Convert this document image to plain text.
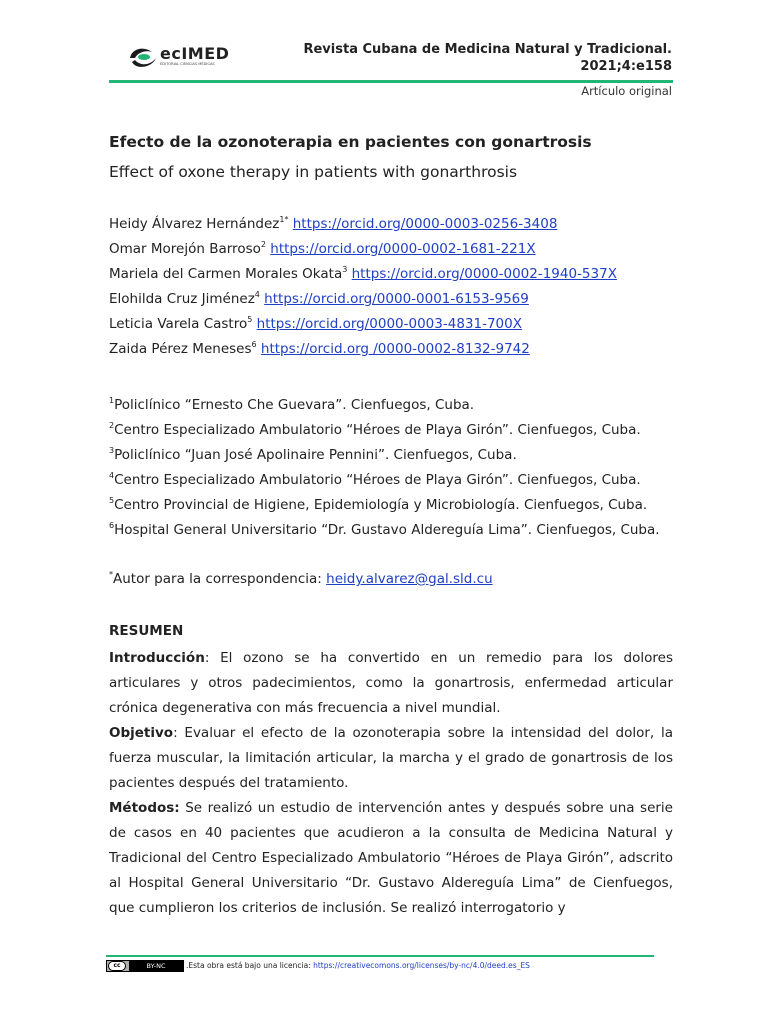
ecIMED
EDITORIAL CIENCIAS MÉDICAS
Revista Cubana de Medicina Natural y Tradicional.
2021;4:e158
Artículo original
Efecto de la ozonoterapia en pacientes con gonartrosis
Effect of oxone therapy in patients with gonarthrosis
Heidy Álvarez Hernández$^{1*}$ https://orcid.org/0000-0003-0256-3408
Omar Morejón Barroso$^2$ https://orcid.org/0000-0002-1681-221X
Mariela del Carmen Morales Okata$^3$ https://orcid.org/0000-0002-1940-537X
Elohilda Cruz Jiménez$^4$ https://orcid.org/0000-0001-6153-9569
Leticia Varela Castro$^5$ https://orcid.org/0000-0003-4831-700X
Zaida Pérez Meneses$^6$ https://orcid.org /0000-0002-8132-9742
$^1$Policlínico “Ernesto Che Guevara”. Cienfuegos, Cuba.
$^2$Centro Especializado Ambulatorio “Héroes de Playa Girón”. Cienfuegos, Cuba.
$^3$Policlínico “Juan José Apolinaire Pennini”. Cienfuegos, Cuba.
$^4$Centro Especializado Ambulatorio “Héroes de Playa Girón”. Cienfuegos, Cuba.
$^5$Centro Provincial de Higiene, Epidemiología y Microbiología. Cienfuegos, Cuba.
$^6$Hospital General Universitario “Dr. Gustavo Aldereguía Lima”. Cienfuegos, Cuba.
*Autor para la correspondencia: heidy.alvarez@gal.sld.cu
RESUMEN

Introducción: El ozono se ha convertido en un remedio para los dolores articulares y otros padecimientos, como la gonartrosis, enfermedad articular crónica degenerativa con más frecuencia a nivel mundial.

Objetivo: Evaluar el efecto de la ozonoterapia sobre la intensidad del dolor, la fuerza muscular, la limitación articular, la marcha y el grado de gonartrosis de los pacientes después del tratamiento.

Métodos: Se realizó un estudio de intervención antes y después sobre una serie de casos en 40 pacientes que acudieron a la consulta de Medicina Natural y Tradicional del Centro Especializado Ambulatorio “Héroes de Playa Girón”, adscrito al Hospital General Universitario “Dr. Gustavo Aldereguía Lima” de Cienfuegos, que cumplieron los criterios de inclusión. Se realizó interrogatorio y

cc	BY-NC	.Esta obra está bajo una licencia: https://creativecomons.org/licenses/by-nc/4.0/deed.es_ES
